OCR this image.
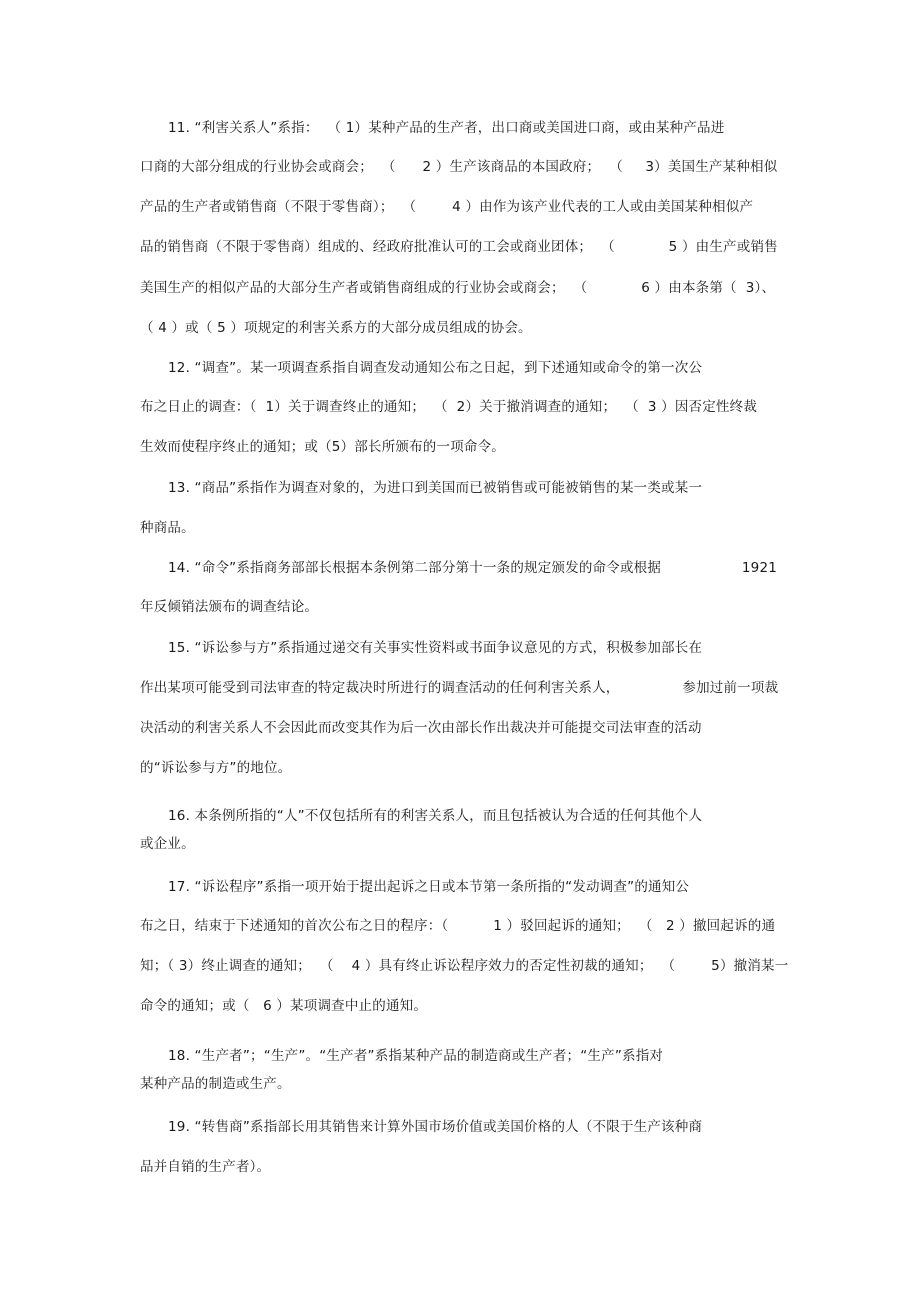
11. “利害关系人”系指：  （ 1）某种产品的生产者，出口商或美国进口商，或由某种产品进
口商的大部分组成的行业协会或商会；  （      2 ）生产该商品的本国政府；  （     3）美国生产某种相似
产品的生产者或销售商（不限于零售商）；  （        4 ）由作为该产业代表的工人或由美国某种相似产
品的销售商（不限于零售商）组成的、经政府批准认可的工会或商业团体；  （            5 ）由生产或销售
美国生产的相似产品的大部分生产者或销售商组成的行业协会或商会；  （            6 ）由本条第（  3）、
（ 4 ）或（ 5 ）项规定的利害关系方的大部分成员组成的协会。
12. “调查”。某一项调查系指自调查发动通知公布之日起，到下述通知或命令的第一次公
布之日止的调查：（  1）关于调查终止的通知；  （  2）关于撤消调查的通知；  （  3 ）因否定性终裁
生效而使程序终止的通知；或（5）部长所颁布的一项命令。
13. “商品”系指作为调查对象的，为进口到美国而已被销售或可能被销售的某一类或某一
种商品。
14. “命令”系指商务部部长根据本条例第二部分第十一条的规定颁发的命令或根据                  1921
年反倾销法颁布的调查结论。
15. “诉讼参与方”系指通过递交有关事实性资料或书面争议意见的方式，积极参加部长在
作出某项可能受到司法审查的特定裁决时所进行的调查活动的任何利害关系人，              参加过前一项裁
决活动的利害关系人不会因此而改变其作为后一次由部长作出裁决并可能提交司法审查的活动
的“诉讼参与方”的地位。
16. 本条例所指的“人”不仅包括所有的利害关系人，而且包括被认为合适的任何其他个人
或企业。
17. “诉讼程序”系指一项开始于提出起诉之日或本节第一条所指的“发动调查”的通知公
布之日，结束于下述通知的首次公布之日的程序：（          1 ）驳回起诉的通知；  （   2 ）撤回起诉的通
知；（ 3）终止调查的通知；  （    4 ）具有终止诉讼程序效力的否定性初裁的通知；  （        5）撤消某一
命令的通知；或（   6 ）某项调查中止的通知。
18. “生产者”；“生产”。“生产者”系指某种产品的制造商或生产者；“生产”系指对
某种产品的制造或生产。
19. “转售商”系指部长用其销售来计算外国市场价值或美国价格的人（不限于生产该种商
品并自销的生产者）。
